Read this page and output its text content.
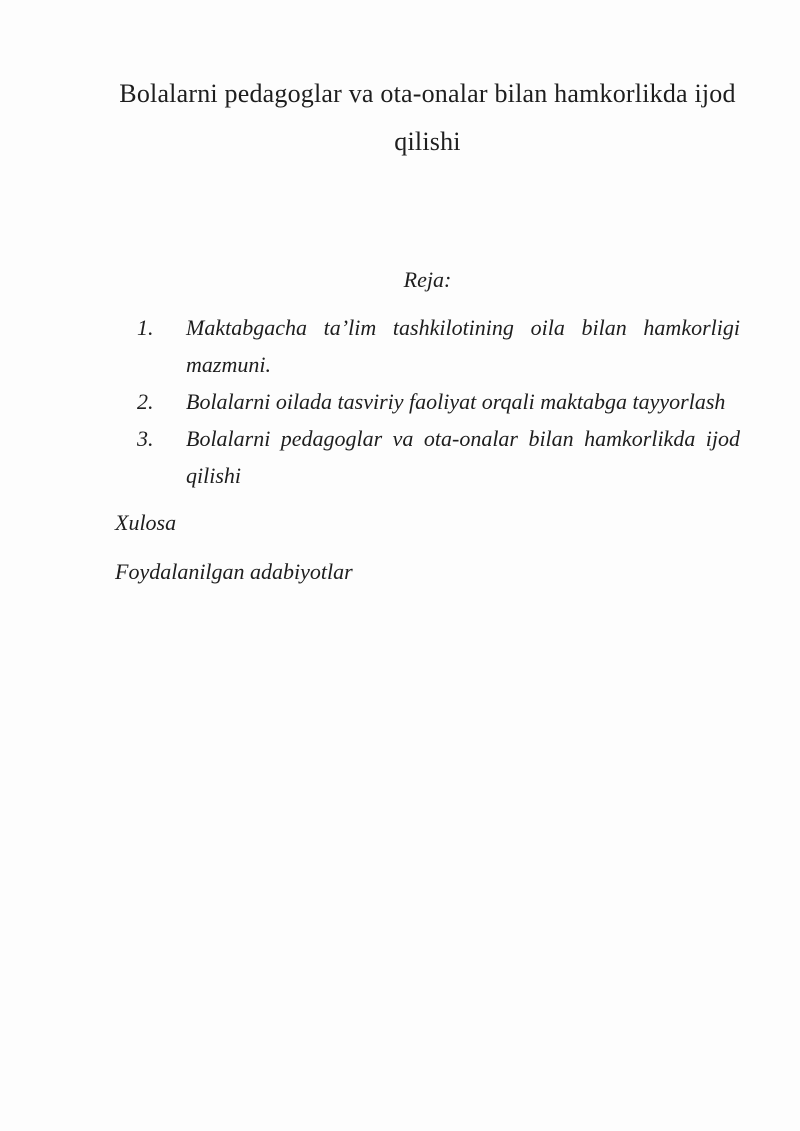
Bolalarni pedagoglar va ota-onalar bilan hamkorlikda ijod qilishi

Reja:

1. Maktabgacha ta’lim tashkilotining oila bilan hamkorligi mazmuni.
2. Bolalarni oilada tasviriy faoliyat orqali maktabga tayyorlash
3. Bolalarni pedagoglar va ota-onalar bilan hamkorlikda ijod qilishi

Xulosa

Foydalanilgan adabiyotlar
